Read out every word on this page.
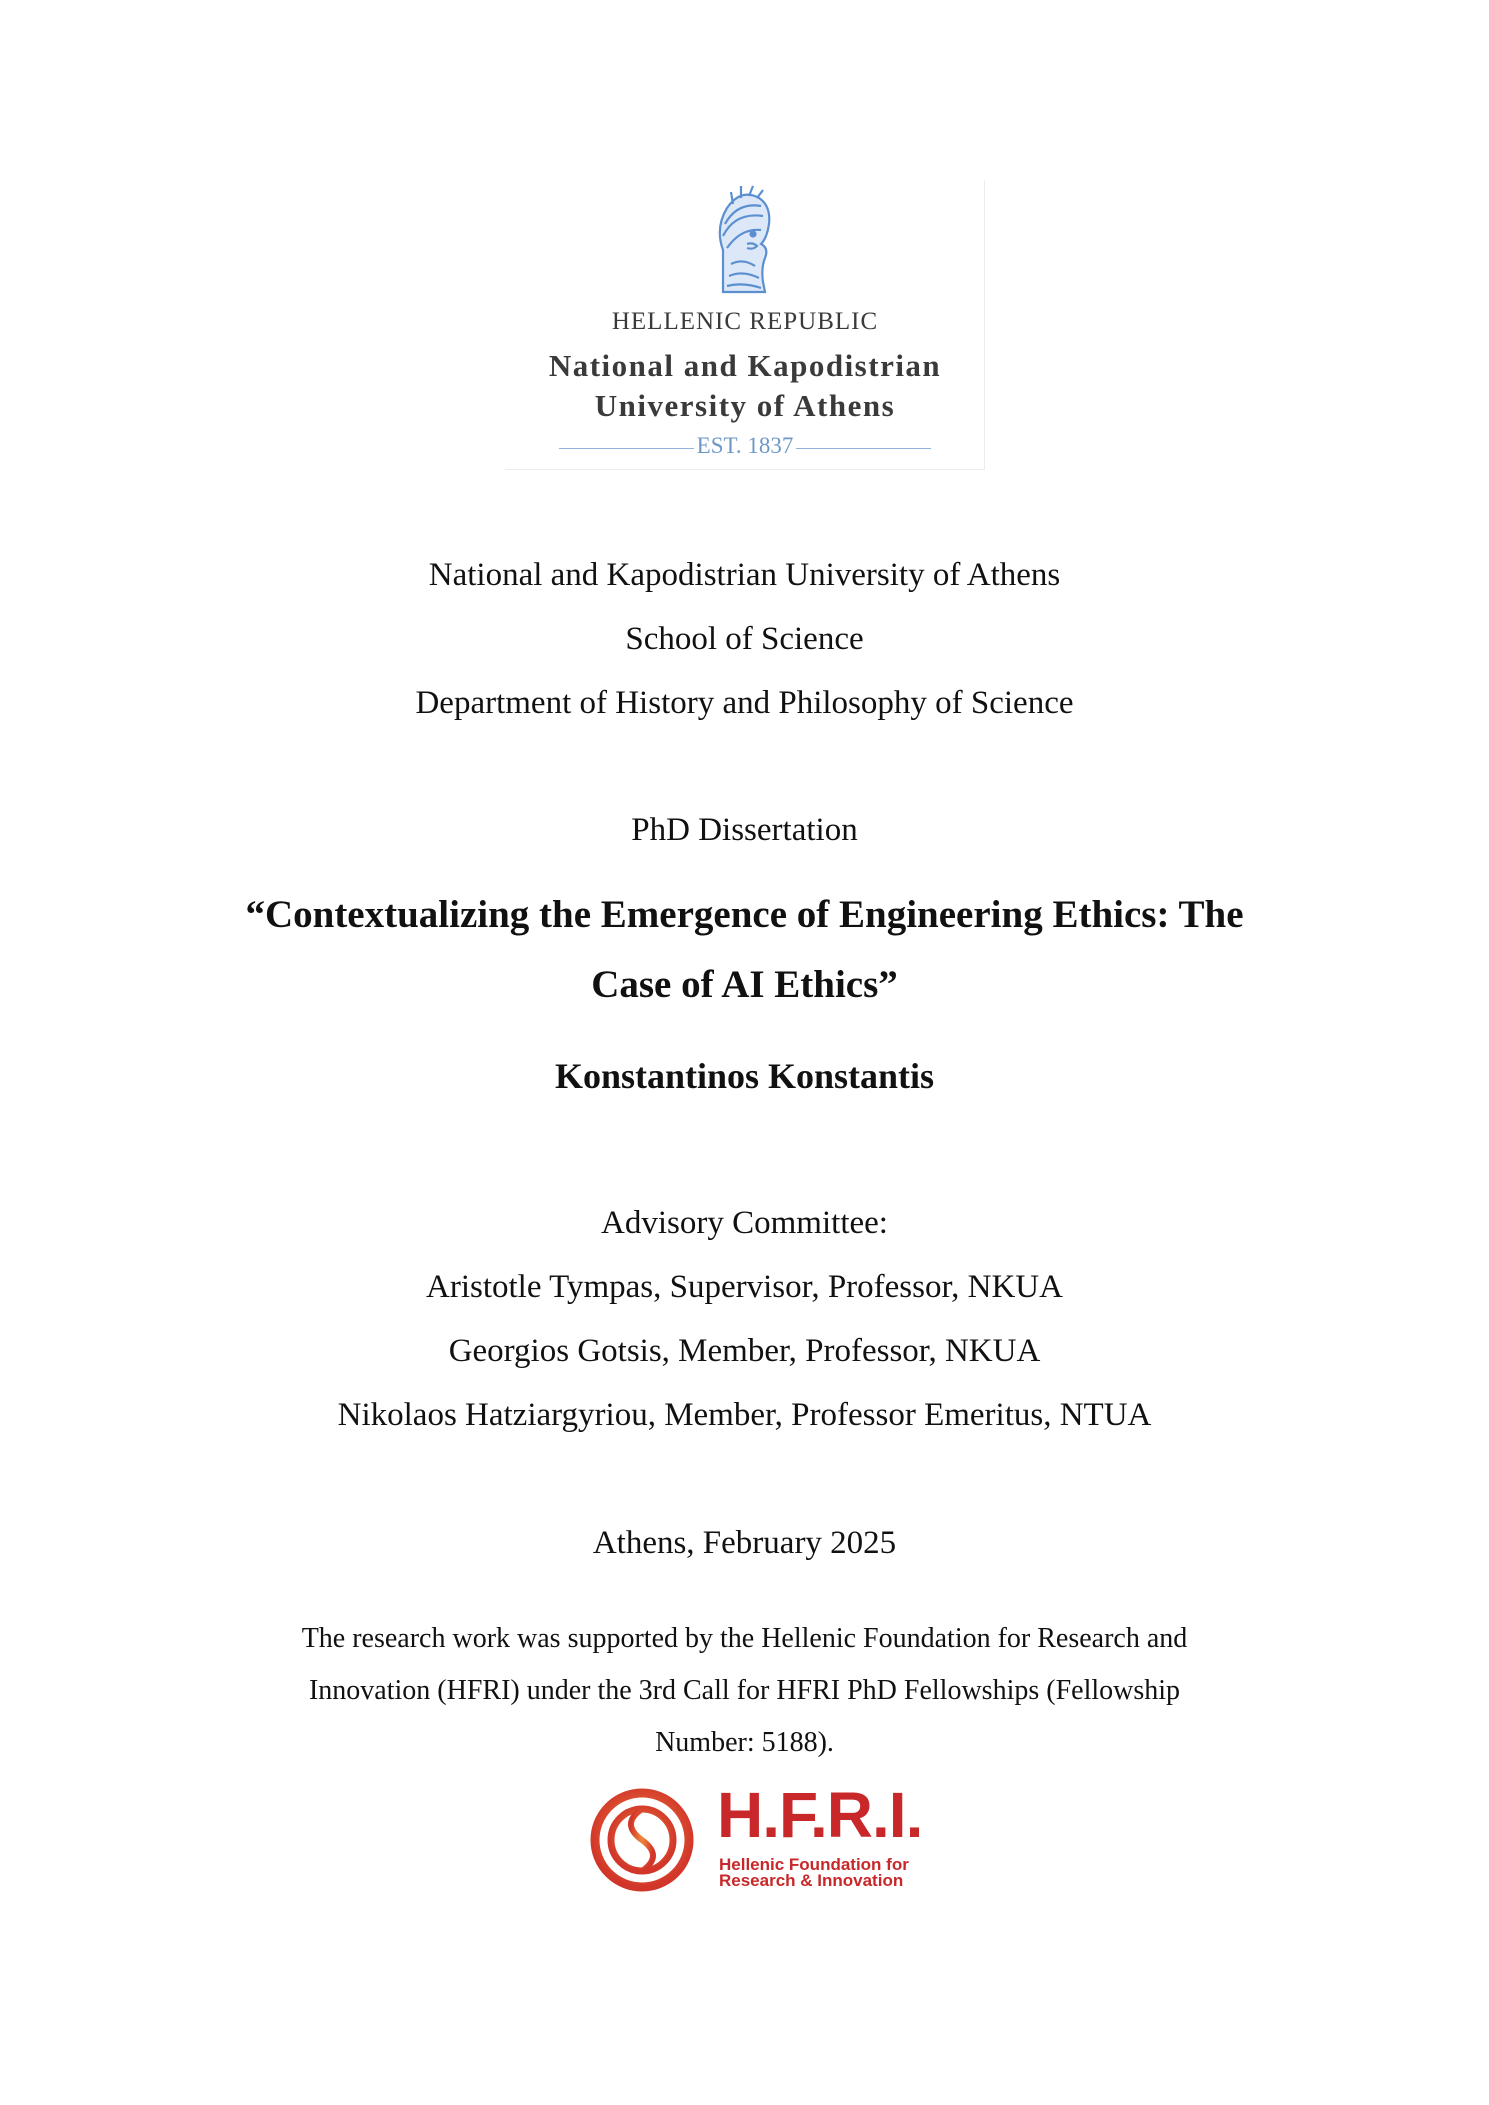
HELLENIC REPUBLIC
National and Kapodistrian
University of Athens
EST. 1837
National and Kapodistrian University of Athens
School of Science
Department of History and Philosophy of Science
PhD Dissertation
“Contextualizing the Emergence of Engineering Ethics: The
Case of AI Ethics”
Konstantinos Konstantis
Advisory Committee:
Aristotle Tympas, Supervisor, Professor, NKUA
Georgios Gotsis, Member, Professor, NKUA
Nikolaos Hatziargyriou, Member, Professor Emeritus, NTUA
Athens, February 2025
The research work was supported by the Hellenic Foundation for Research and
Innovation (HFRI) under the 3rd Call for HFRI PhD Fellowships (Fellowship
Number: 5188).
H.F.R.I.
Hellenic Foundation for
Research & Innovation
